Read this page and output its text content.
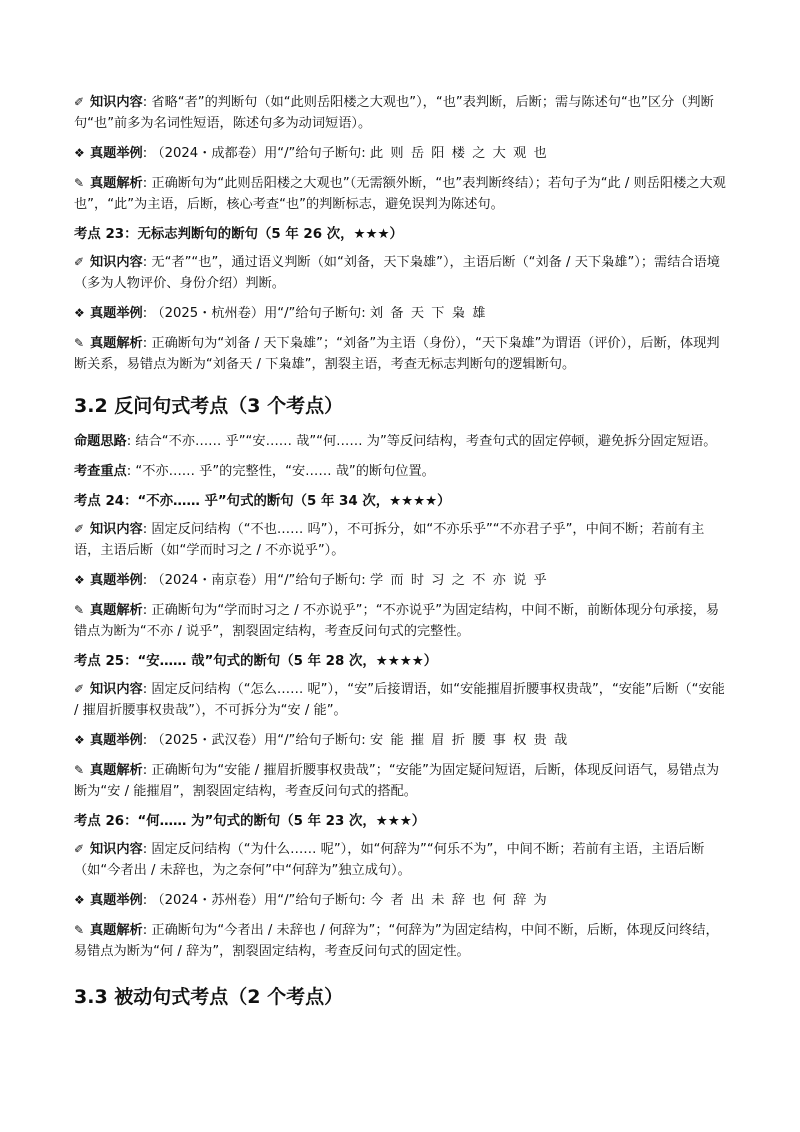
✐ 知识内容: 省略“者”的判断句（如“此则岳阳楼之大观也”），“也”表判断，后断；需与陈述句“也”区分（判断句“也”前多为名词性短语，陈述句多为动词短语）。

❖ 真题举例: （2024・成都卷）用“/”给句子断句: 此则岳阳楼之大观也

✎ 真题解析: 正确断句为“此则岳阳楼之大观也”（无需额外断，“也”表判断终结）；若句子为“此 / 则岳阳楼之大观也”，“此”为主语，后断，核心考查“也”的判断标志，避免误判为陈述句。

考点 23：无标志判断句的断句（5 年 26 次，★★★）

✐ 知识内容: 无“者”“也”，通过语义判断（如“刘备，天下枭雄”），主语后断（“刘备 / 天下枭雄”）；需结合语境（多为人物评价、身份介绍）判断。

❖ 真题举例: （2025・杭州卷）用“/”给句子断句: 刘备天下枭雄

✎ 真题解析: 正确断句为“刘备 / 天下枭雄”；“刘备”为主语（身份），“天下枭雄”为谓语（评价），后断，体现判断关系，易错点为断为“刘备天 / 下枭雄”，割裂主语，考查无标志判断句的逻辑断句。

3.2 反问句式考点（3 个考点）

命题思路: 结合“不亦…… 乎”“安…… 哉”“何…… 为”等反问结构，考查句式的固定停顿，避免拆分固定短语。

考查重点: “不亦…… 乎”的完整性，“安…… 哉”的断句位置。

考点 24：“不亦…… 乎”句式的断句（5 年 34 次，★★★★）

✐ 知识内容: 固定反问结构（“不也…… 吗”），不可拆分，如“不亦乐乎”“不亦君子乎”，中间不断；若前有主语，主语后断（如“学而时习之 / 不亦说乎”）。

❖ 真题举例: （2024・南京卷）用“/”给句子断句: 学而时习之不亦说乎

✎ 真题解析: 正确断句为“学而时习之 / 不亦说乎”；“不亦说乎”为固定结构，中间不断，前断体现分句承接，易错点为断为“不亦 / 说乎”，割裂固定结构，考查反问句式的完整性。

考点 25：“安…… 哉”句式的断句（5 年 28 次，★★★★）

✐ 知识内容: 固定反问结构（“怎么…… 呢”），“安”后接谓语，如“安能摧眉折腰事权贵哉”，“安能”后断（“安能 / 摧眉折腰事权贵哉”），不可拆分为“安 / 能”。

❖ 真题举例: （2025・武汉卷）用“/”给句子断句: 安能摧眉折腰事权贵哉

✎ 真题解析: 正确断句为“安能 / 摧眉折腰事权贵哉”；“安能”为固定疑问短语，后断，体现反问语气，易错点为断为“安 / 能摧眉”，割裂固定结构，考查反问句式的搭配。

考点 26：“何…… 为”句式的断句（5 年 23 次，★★★）

✐ 知识内容: 固定反问结构（“为什么…… 呢”），如“何辞为”“何乐不为”，中间不断；若前有主语，主语后断（如“今者出 / 未辞也，为之奈何”中“何辞为”独立成句）。

❖ 真题举例: （2024・苏州卷）用“/”给句子断句: 今者出未辞也何辞为

✎ 真题解析: 正确断句为“今者出 / 未辞也 / 何辞为”；“何辞为”为固定结构，中间不断，后断，体现反问终结，易错点为断为“何 / 辞为”，割裂固定结构，考查反问句式的固定性。

3.3 被动句式考点（2 个考点）
